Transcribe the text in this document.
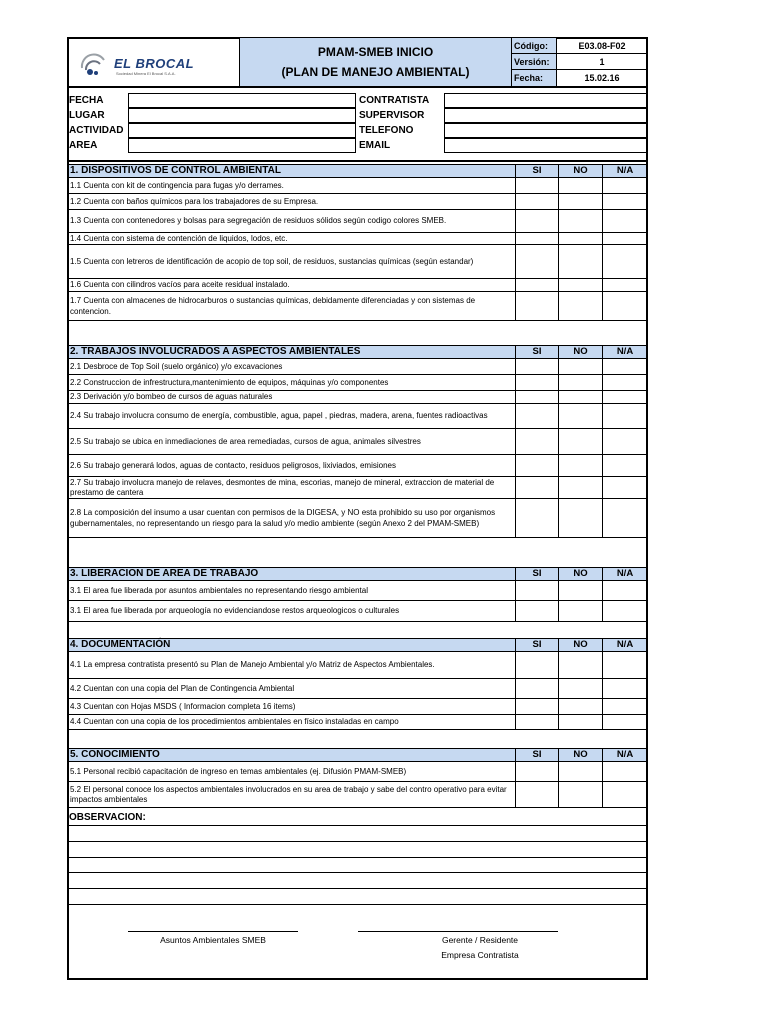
EL BROCAL
Sociedad Minera El Brocal S.A.A.
PMAM-SMEB INICIO
(PLAN DE MANEJO AMBIENTAL)
Código:	E03.08-F02
Versión:	1
Fecha:	15.02.16
FECHA	CONTRATISTA
LUGAR	SUPERVISOR
ACTIVIDAD	TELEFONO
AREA	EMAIL
1. DISPOSITIVOS DE CONTROL AMBIENTAL	SI	NO	N/A
1.1 Cuenta con kit de contingencia para fugas y/o derrames.
1.2 Cuenta con baños químicos para los trabajadores de su Empresa.
1.3 Cuenta con contenedores y bolsas para segregación de residuos sólidos según codigo colores SMEB.
1.4 Cuenta con sistema de contención de liquidos, lodos, etc.
1.5 Cuenta con letreros de identificación de acopio de top soil, de residuos, sustancias químicas (según estandar)
1.6 Cuenta con cilindros vacíos para aceite residual instalado.
1.7 Cuenta con almacenes de hidrocarburos o sustancias químicas, debidamente diferenciadas y con sistemas de contencion.
2. TRABAJOS INVOLUCRADOS A ASPECTOS AMBIENTALES	SI	NO	N/A
2.1 Desbroce de Top Soil (suelo orgánico) y/o excavaciones
2.2 Construccion de infrestructura,mantenimiento de equipos, máquinas y/o componentes
2.3 Derivación y/o bombeo de cursos de aguas naturales
2.4 Su trabajo involucra consumo de energía, combustible, agua, papel , piedras, madera, arena, fuentes radioactivas
2.5 Su trabajo se ubica en inmediaciones de area remediadas, cursos de agua, animales silvestres
2.6 Su trabajo generará lodos, aguas de contacto, residuos peligrosos, lixiviados, emisiones
2.7 Su trabajo involucra manejo de relaves, desmontes de mina, escorias, manejo de mineral, extraccion de material de prestamo de cantera
2.8 La composición del insumo a usar cuentan con permisos de la DIGESA, y NO esta prohibido su uso por organismos gubernamentales, no representando un riesgo para la salud y/o medio ambiente (según Anexo 2 del PMAM-SMEB)
3. LIBERACION DE AREA DE TRABAJO	SI	NO	N/A
3.1 El area fue liberada por asuntos ambientales no representando riesgo ambiental
3.1 El area fue liberada por arqueología no evidenciandose restos arqueologicos o culturales
4. DOCUMENTACIÓN	SI	NO	N/A
4.1 La empresa contratista presentó su Plan de Manejo Ambiental y/o Matriz de Aspectos Ambientales.
4.2 Cuentan con una copia del Plan de Contingencia Ambiental
4.3 Cuentan con Hojas MSDS ( Informacion completa 16 items)
4.4 Cuentan con una copia de los procedimientos ambientales en físico instaladas en campo
5. CONOCIMIENTO	SI	NO	N/A
5.1 Personal recibió capacitación de ingreso en temas ambientales (ej. Difusión PMAM-SMEB)
5.2 El personal conoce los aspectos ambientales involucrados en su area de trabajo y sabe del contro operativo para evitar impactos ambientales
OBSERVACION:
Asuntos Ambientales SMEB	Gerente / Residente
Empresa Contratista
